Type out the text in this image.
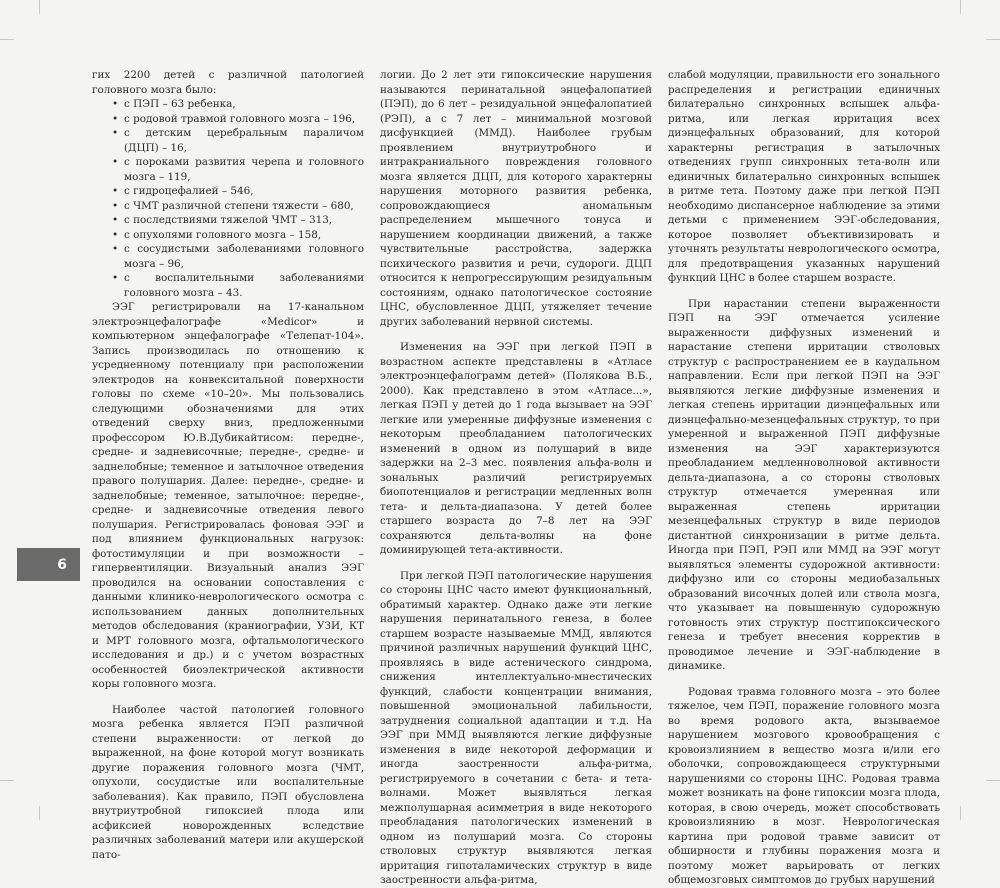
6

гих 2200 детей с различной патологией головного мозга было:

• с ПЭП – 63 ребенка,
• с родовой травмой головного мозга – 196,
• с детским церебральным параличом (ДЦП) – 16,
• с пороками развития черепа и головного мозга – 119,
• с гидроцефалией – 546,
• с ЧМТ различной степени тяжести – 680,
• с последствиями тяжелой ЧМТ – 313,
• с опухолями головного мозга – 158,
• с сосудистыми заболеваниями головного мозга – 96,
• с воспалительными заболеваниями головного мозга – 43.

ЭЭГ регистрировали на 17-канальном электроэнцефалографе «Medicor» и компьютерном энцефалографе «Телепат-104». Запись производилась по отношению к усредненному потенциалу при расположении электродов на конвекситальной поверхности головы по схеме «10–20». Мы пользовались следующими обозначениями для этих отведений сверху вниз, предложенными профессором Ю.В.Дубикайтисом: передне-, средне- и задневисочные; передне-, средне- и заднелобные; теменное и затылочное отведения правого полушария. Далее: передне-, средне- и заднелобные; теменное, затылочное: передне-, средне- и задневисочные отведения левого полушария. Регистрировалась фоновая ЭЭГ и под влиянием функциональных нагрузок: фотостимуляции и при возможности – гипервентиляции. Визуальный анализ ЭЭГ проводился на основании сопоставления с данными клинико-неврологического осмотра с использованием данных дополнительных методов обследования (краниографии, УЗИ, КТ и МРТ головного мозга, офтальмологического исследования и др.) и с учетом возрастных особенностей биоэлектрической активности коры головного мозга.

Наиболее частой патологией головного мозга ребенка является ПЭП различной степени выраженности: от легкой до выраженной, на фоне которой могут возникать другие поражения головного мозга (ЧМТ, опухоли, сосудистые или воспалительные заболевания). Как правило, ПЭП обусловлена внутриутробной гипоксией плода или асфиксией новорожденных вследствие различных заболеваний матери или акушерской пато-

логии. До 2 лет эти гипоксические нарушения называются перинатальной энцефалопатией (ПЭП), до 6 лет – резидуальной энцефалопатией (РЭП), а с 7 лет – минимальной мозговой дисфункцией (ММД). Наиболее грубым проявлением внутриутробного и интракраниального повреждения головного мозга является ДЦП, для которого характерны нарушения моторного развития ребенка, сопровождающиеся аномальным распределением мышечного тонуса и нарушением координации движений, а также чувствительные расстройства, задержка психического развития и речи, судороги. ДЦП относится к непрогрессирующим резидуальным состояниям, однако патологическое состояние ЦНС, обусловленное ДЦП, утяжеляет течение других заболеваний нервной системы.

Изменения на ЭЭГ при легкой ПЭП в возрастном аспекте представлены в «Атласе электроэнцефалограмм детей» (Полякова В.Б., 2000). Как представлено в этом «Атласе...», легкая ПЭП у детей до 1 года вызывает на ЭЭГ легкие или умеренные диффузные изменения с некоторым преобладанием патологических изменений в одном из полушарий в виде задержки на 2–3 мес. появления альфа-волн и зональных различий регистрируемых биопотенциалов и регистрации медленных волн тета- и дельта-диапазона. У детей более старшего возраста до 7–8 лет на ЭЭГ сохраняются дельта-волны на фоне доминирующей тета-активности.

При легкой ПЭП патологические нарушения со стороны ЦНС часто имеют функциональный, обратимый характер. Однако даже эти легкие нарушения перинатального генеза, в более старшем возрасте называемые ММД, являются причиной различных нарушений функций ЦНС, проявляясь в виде астенического синдрома, снижения интеллектуально-мнестических функций, слабости концентрации внимания, повышенной эмоциональной лабильности, затруднения социальной адаптации и т.д. На ЭЭГ при ММД выявляются легкие диффузные изменения в виде некоторой деформации и иногда заостренности альфа-ритма, регистрируемого в сочетании с бета- и тета-волнами. Может выявляться легкая межполушарная асимметрия в виде некоторого преобладания патологических изменений в одном из полушарий мозга. Со стороны стволовых структур выявляются легкая ирритация гипоталамических структур в виде заостренности альфа-ритма,

слабой модуляции, правильности его зонального распределения и регистрации единичных билатерально синхронных вспышек альфа-ритма, или легкая ирритация всех диэнцефальных образований, для которой характерны регистрация в затылочных отведениях групп синхронных тета-волн или единичных билатерально синхронных вспышек в ритме тета. Поэтому даже при легкой ПЭП необходимо диспансерное наблюдение за этими детьми с применением ЭЭГ-обследования, которое позволяет объективизировать и уточнять результаты неврологического осмотра, для предотвращения указанных нарушений функций ЦНС в более старшем возрасте.

При нарастании степени выраженности ПЭП на ЭЭГ отмечается усиление выраженности диффузных изменений и нарастание степени ирритации стволовых структур с распространением ее в каудальном направлении. Если при легкой ПЭП на ЭЭГ выявляются легкие диффузные изменения и легкая степень ирритации диэнцефальных или диэнцефально-мезенцефальных структур, то при умеренной и выраженной ПЭП диффузные изменения на ЭЭГ характеризуются преобладанием медленноволновой активности дельта-диапазона, а со стороны стволовых структур отмечается умеренная или выраженная степень ирритации мезенцефальных структур в виде периодов дистантной синхронизации в ритме дельта. Иногда при ПЭП, РЭП или ММД на ЭЭГ могут выявляться элементы судорожной активности: диффузно или со стороны медиобазальных образований височных долей или ствола мозга, что указывает на повышенную судорожную готовность этих структур постгипоксического генеза и требует внесения корректив в проводимое лечение и ЭЭГ-наблюдение в динамике.

Родовая травма головного мозга – это более тяжелое, чем ПЭП, поражение головного мозга во время родового акта, вызываемое нарушением мозгового кровообращения с кровоизлиянием в вещество мозга и/или его оболочки, сопровождающееся структурными нарушениями со стороны ЦНС. Родовая травма может возникать на фоне гипоксии мозга плода, которая, в свою очередь, может способствовать кровоизлиянию в мозг. Неврологическая картина при родовой травме зависит от обширности и глубины поражения мозга и поэтому может варьировать от легких общемозговых симптомов до грубых нарушений
